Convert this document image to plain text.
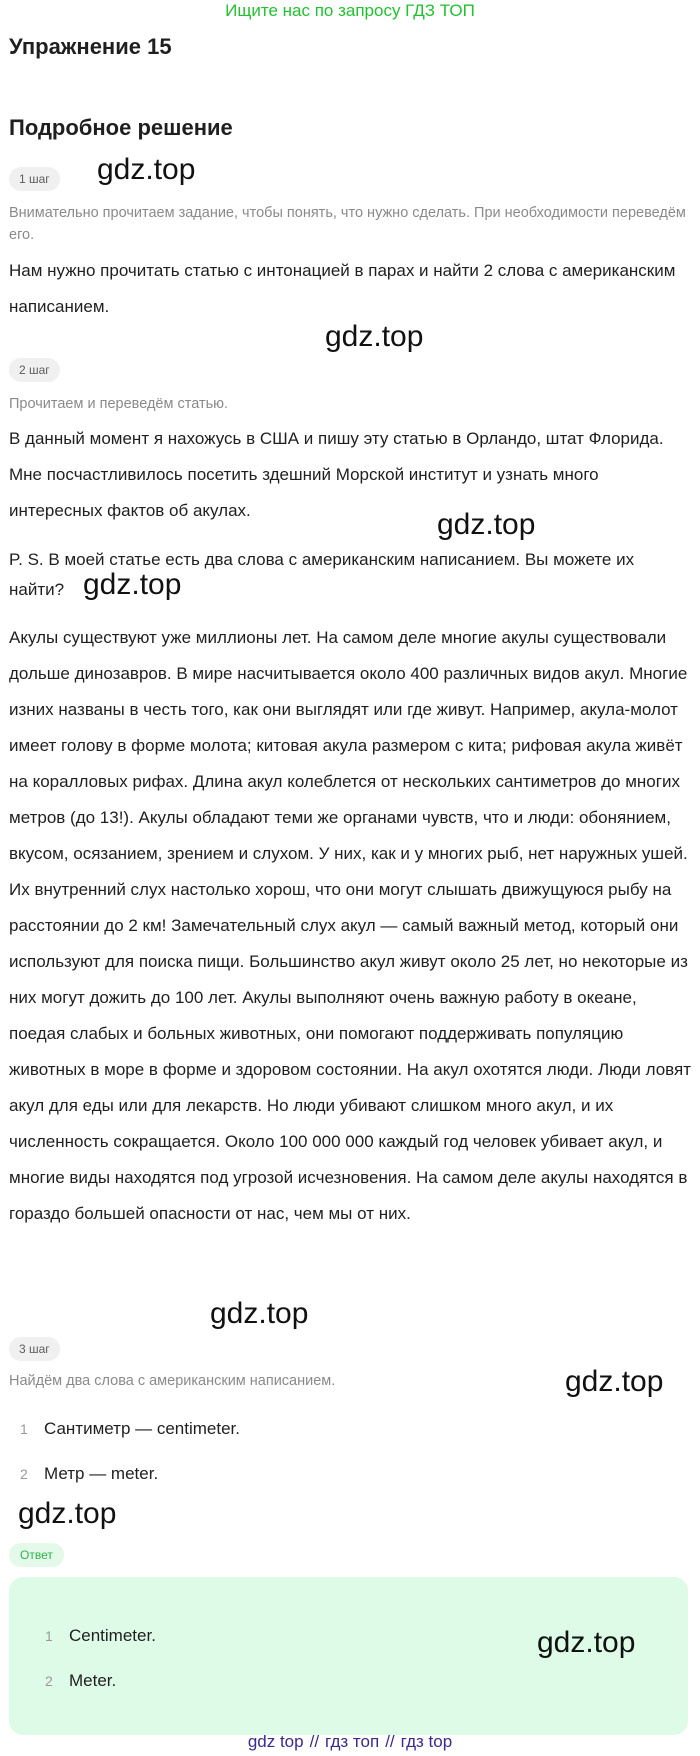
Ищите нас по запросу ГДЗ ТОП
Упражнение 15
Подробное решение
1 шаг	gdz.top
Внимательно прочитаем задание, чтобы понять, что нужно сделать. При необходимости переведём его.
Нам нужно прочитать статью с интонацией в парах и найти 2 слова с американским написанием.
gdz.top
2 шаг
Прочитаем и переведём статью.
В данный момент я нахожусь в США и пишу эту статью в Орландо, штат Флорида. Мне посчастливилось посетить здешний Морской институт и узнать много интересных фактов об акулах.	gdz.top
P. S. В моей статье есть два слова с американским написанием. Вы можете их найти? gdz.top
Акулы существуют уже миллионы лет. На самом деле многие акулы существовали дольше динозавров. В мире насчитывается около 400 различных видов акул. Многие изних названы в честь того, как они выглядят или где живут. Например, акула-молот имеет голову в форме молота; китовая акула размером с кита; рифовая акула живёт на коралловых рифах. Длина акул колеблется от нескольких сантиметров до многих метров (до 13!). Акулы обладают теми же органами чувств, что и люди: обонянием, вкусом, осязанием, зрением и слухом. У них, как и у многих рыб, нет наружных ушей. Их внутренний слух настолько хорош, что они могут слышать движущуюся рыбу на расстоянии до 2 км! Замечательный слух акул — самый важный метод, который они используют для поиска пищи. Большинство акул живут около 25 лет, но некоторые из них могут дожить до 100 лет. Акулы выполняют очень важную работу в океане, поедая слабых и больных животных, они помогают поддерживать популяцию животных в море в форме и здоровом состоянии. На акул охотятся люди. Люди ловят акул для еды или для лекарств. Но люди убивают слишком много акул, и их численность сокращается. Около 100 000 000 каждый год человек убивает акул, и многие виды находятся под угрозой исчезновения. На самом деле акулы находятся в гораздо большей опасности от нас, чем мы от них.
gdz.top
3 шаг
Найдём два слова с американским написанием.	gdz.top
1 Сантиметр — centimeter.
2 Метр — meter.
gdz.top
Ответ
1 Centimeter.
2 Meter.
gdz.top
gdz top // гдз топ // гдз top
